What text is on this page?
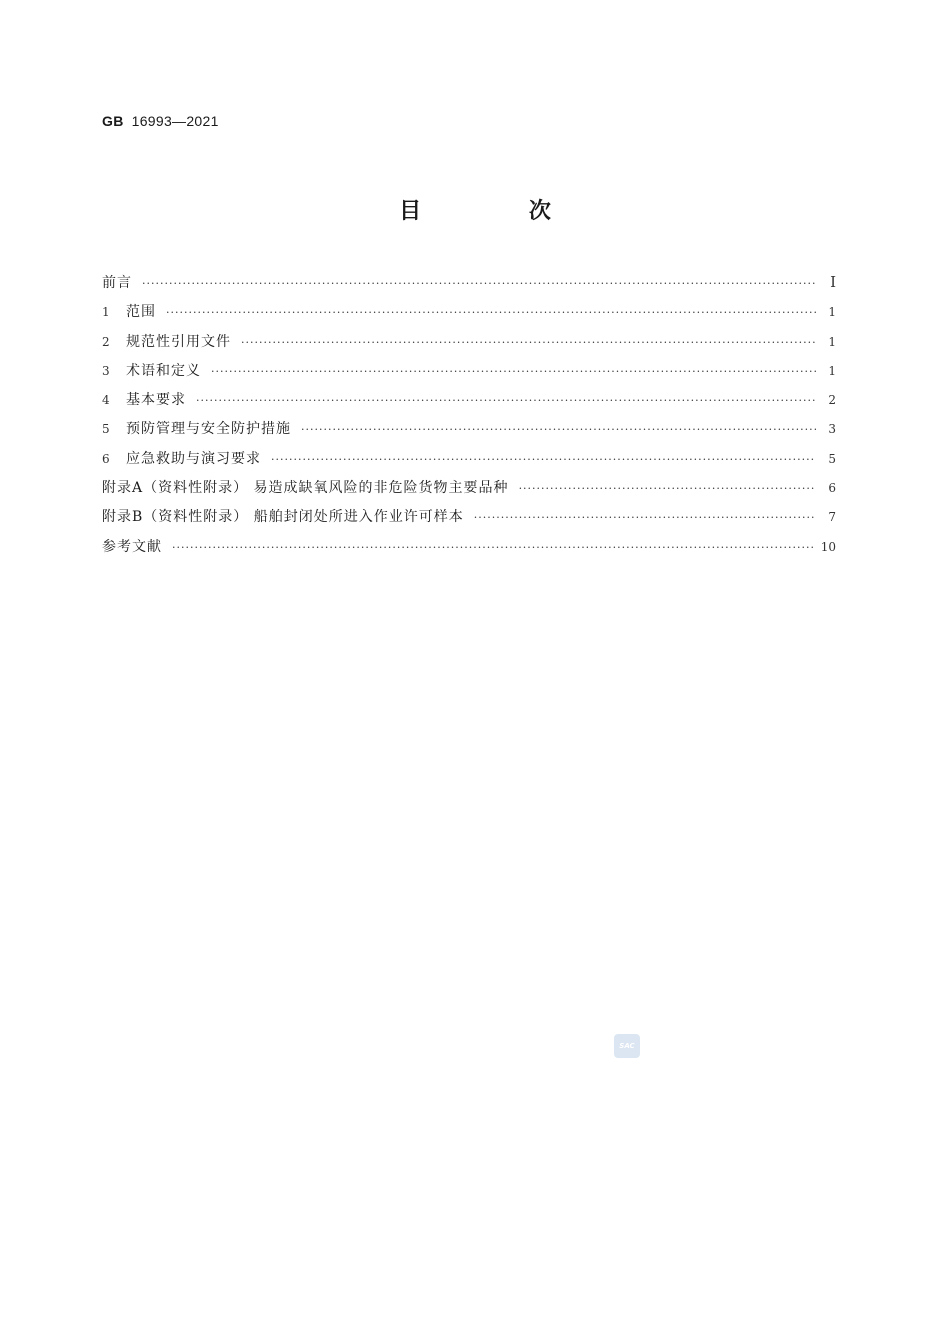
GB 16993—2021
目 次
前言 ·····	I
1	范围 ·····	1
2	规范性引用文件 ·····	1
3	术语和定义 ·····	1
4	基本要求 ·····	2
5	预防管理与安全防护措施 ·····	3
6	应急救助与演习要求 ·····	5
附录A（资料性附录） 易造成缺氧风险的非危险货物主要品种 ·····	6
附录B（资料性附录） 船舶封闭处所进入作业许可样本 ·····	7
参考文献 ·····	10
SAC
